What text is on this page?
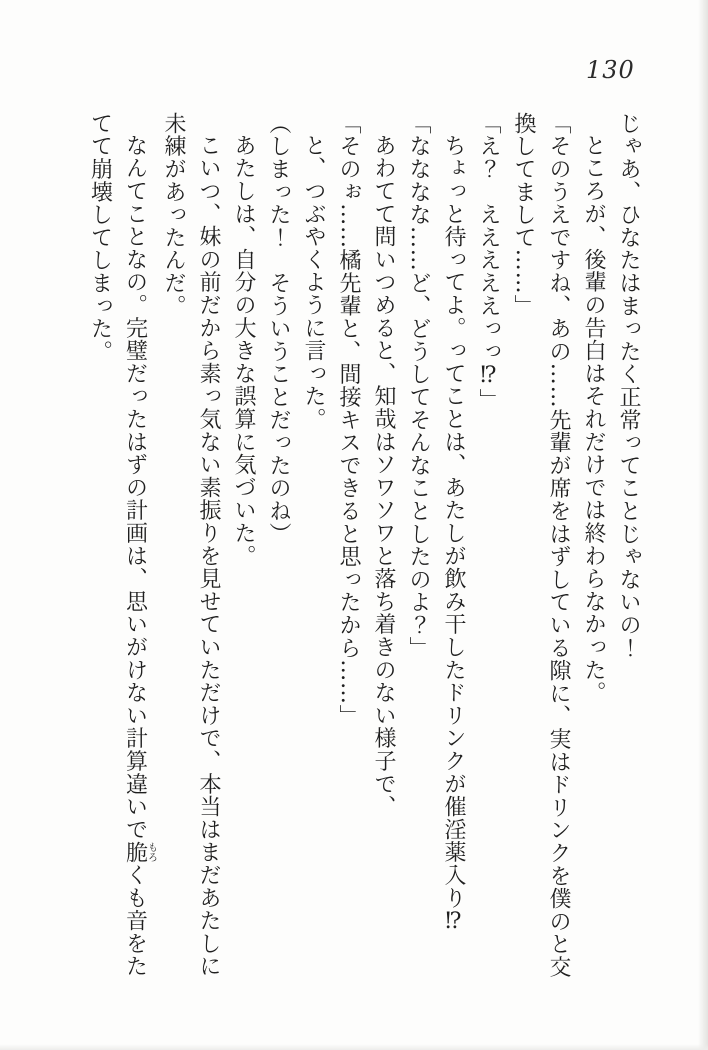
130

じゃあ、ひなたはまったく正常ってことじゃないの！

ところが、後輩の告白はそれだけでは終わらなかった。

「そのうえですね、あの……先輩が席をはずしている隙に、実はドリンクを僕のと交換してまして……」

「え？　えええええっっ⁉」

ちょっと待ってよ。ってことは、あたしが飲み干したドリンクが催淫薬入り⁉

「なななな……ど、どうしてそんなことしたのよ？」

あわてて問いつめると、知哉はソワソワと落ち着きのない様子で、

「そのぉ……橘先輩と、間接キスできると思ったから……」

と、つぶやくように言った。

（しまった！　そういうことだったのね）

あたしは、自分の大きな誤算に気づいた。

こいつ、妹の前だから素っ気ない素振りを見せていただけで、本当はまだあたしに未練があったんだ。

なんてことなの。完璧だったはずの計画は、思いがけない計算違いで脆もろくも音をたてて崩壊してしまった。
